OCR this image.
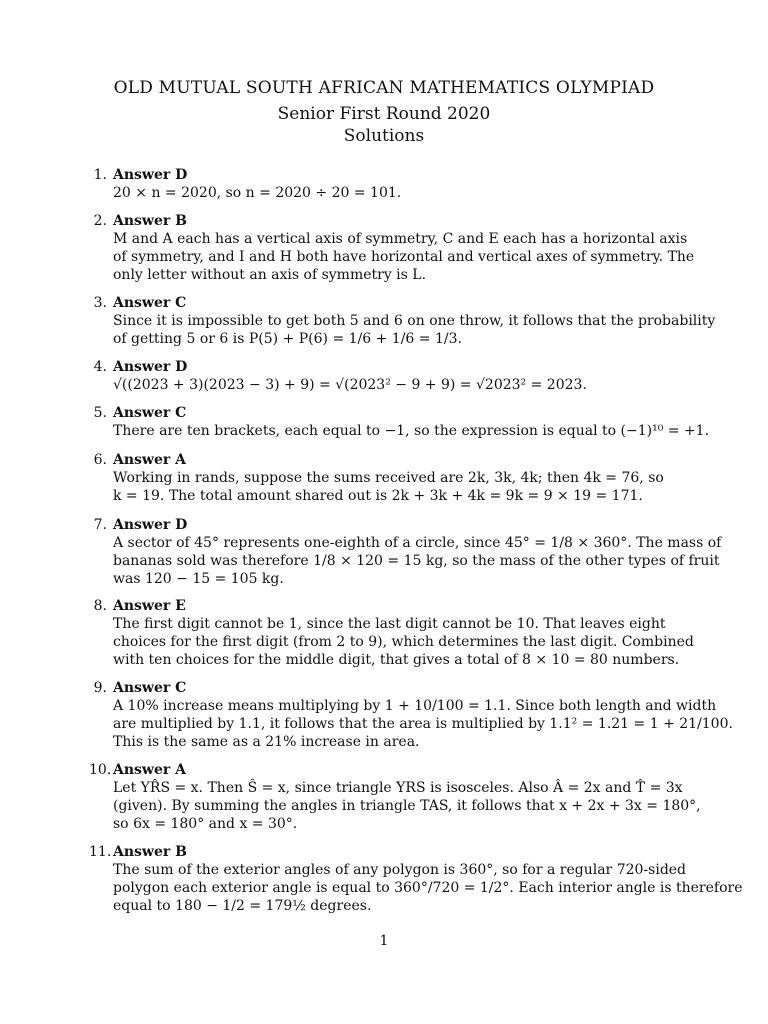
OLD MUTUAL SOUTH AFRICAN MATHEMATICS OLYMPIAD
Senior First Round 2020
Solutions
1. Answer D
20 × n = 2020, so n = 2020 ÷ 20 = 101.
2. Answer B
M and A each has a vertical axis of symmetry, C and E each has a horizontal axis
of symmetry, and I and H both have horizontal and vertical axes of symmetry. The
only letter without an axis of symmetry is L.
3. Answer C
Since it is impossible to get both 5 and 6 on one throw, it follows that the probability
of getting 5 or 6 is P(5) + P(6) = 1/6 + 1/6 = 1/3.
4. Answer D
√((2023 + 3)(2023 − 3) + 9) = √(2023² − 9 + 9) = √2023² = 2023.
5. Answer C
There are ten brackets, each equal to −1, so the expression is equal to (−1)¹⁰ = +1.
6. Answer A
Working in rands, suppose the sums received are 2k, 3k, 4k; then 4k = 76, so
k = 19. The total amount shared out is 2k + 3k + 4k = 9k = 9 × 19 = 171.
7. Answer D
A sector of 45° represents one-eighth of a circle, since 45° = 1/8 × 360°. The mass of
bananas sold was therefore 1/8 × 120 = 15 kg, so the mass of the other types of fruit
was 120 − 15 = 105 kg.
8. Answer E
The first digit cannot be 1, since the last digit cannot be 10. That leaves eight
choices for the first digit (from 2 to 9), which determines the last digit. Combined
with ten choices for the middle digit, that gives a total of 8 × 10 = 80 numbers.
9. Answer C
A 10% increase means multiplying by 1 + 10/100 = 1.1. Since both length and width
are multiplied by 1.1, it follows that the area is multiplied by 1.1² = 1.21 = 1 + 21/100.
This is the same as a 21% increase in area.
10. Answer A
Let YR̂S = x. Then Ŝ = x, since triangle YRS is isosceles. Also Â = 2x and T̂ = 3x
(given). By summing the angles in triangle TAS, it follows that x + 2x + 3x = 180°,
so 6x = 180° and x = 30°.
11. Answer B
The sum of the exterior angles of any polygon is 360°, so for a regular 720-sided
polygon each exterior angle is equal to 360°/720 = 1/2°. Each interior angle is therefore
equal to 180 − 1/2 = 179½ degrees.
1
